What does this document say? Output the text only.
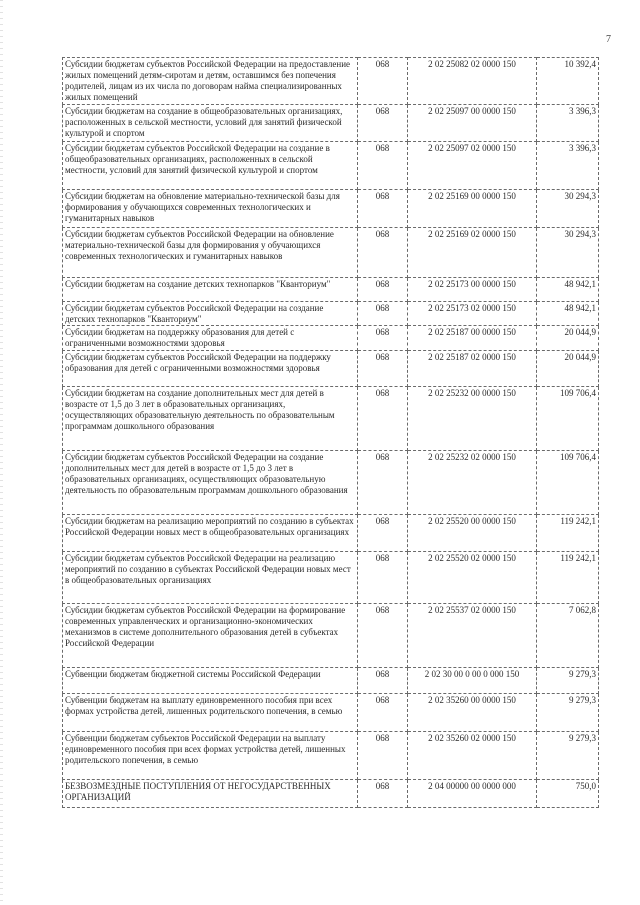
7
Субсидии бюджетам субъектов Российской Федерации на предоставление жилых помещений детям-сиротам и детям, оставшимся без попечения родителей, лицам из их числа по договорам найма специализированных жилых помещений	068	2 02 25082 02 0000 150	10 392,4
Субсидии бюджетам на создание в общеобразовательных организациях, расположенных в сельской местности, условий для занятий физической культурой и спортом	068	2 02 25097 00 0000 150	3 396,3
Субсидии бюджетам субъектов Российской Федерации на создание в общеобразовательных организациях, расположенных в сельской местности, условий для занятий физической культурой и спортом	068	2 02 25097 02 0000 150	3 396,3
Субсидии бюджетам на обновление материально-технической базы для формирования у обучающихся современных технологических и гуманитарных навыков	068	2 02 25169 00 0000 150	30 294,3
Субсидии бюджетам субъектов Российской Федерации на обновление материально-технической базы для формирования у обучающихся современных технологических и гуманитарных навыков	068	2 02 25169 02 0000 150	30 294,3
Субсидии бюджетам на создание детских технопарков "Кванториум"	068	2 02 25173 00 0000 150	48 942,1
Субсидии бюджетам субъектов Российской Федерации на создание детских технопарков "Кванториум"	068	2 02 25173 02 0000 150	48 942,1
Субсидии бюджетам на поддержку образования для детей с ограниченными возможностями здоровья	068	2 02 25187 00 0000 150	20 044,9
Субсидии бюджетам субъектов Российской Федерации на поддержку образования для детей с ограниченными возможностями здоровья	068	2 02 25187 02 0000 150	20 044,9
Субсидии бюджетам на создание дополнительных мест для детей в возрасте от 1,5 до 3 лет в образовательных организациях, осуществляющих образовательную деятельность по образовательным программам дошкольного образования	068	2 02 25232 00 0000 150	109 706,4
Субсидии бюджетам субъектов Российской Федерации на создание дополнительных мест для детей в возрасте от 1,5 до 3 лет в образовательных организациях, осуществляющих образовательную деятельность по образовательным программам дошкольного образования	068	2 02 25232 02 0000 150	109 706,4
Субсидии бюджетам на реализацию мероприятий по созданию в субъектах Российской Федерации новых мест в общеобразовательных организациях	068	2 02 25520 00 0000 150	119 242,1
Субсидии бюджетам субъектов Российской Федерации на реализацию мероприятий по созданию в субъектах Российской Федерации новых мест в общеобразовательных организациях	068	2 02 25520 02 0000 150	119 242,1
Субсидии бюджетам субъектов Российской Федерации на формирование современных управленческих и организационно-экономических механизмов в системе дополнительного образования детей в субъектах Российской Федерации	068	2 02 25537 02 0000 150	7 062,8
Субвенции бюджетам бюджетной системы Российской Федерации	068	2 02 30 00 0 00 0 000 150	9 279,3
Субвенции бюджетам на выплату единовременного пособия при всех формах устройства детей, лишенных родительского попечения, в семью	068	2 02 35260 00 0000 150	9 279,3
Субвенции бюджетам субъектов Российской Федерации на выплату единовременного пособия при всех формах устройства детей, лишенных родительского попечения, в семью	068	2 02 35260 02 0000 150	9 279,3
БЕЗВОЗМЕЗДНЫЕ ПОСТУПЛЕНИЯ ОТ НЕГОСУДАРСТВЕННЫХ ОРГАНИЗАЦИЙ	068	2 04 00000 00 0000 000	750,0
